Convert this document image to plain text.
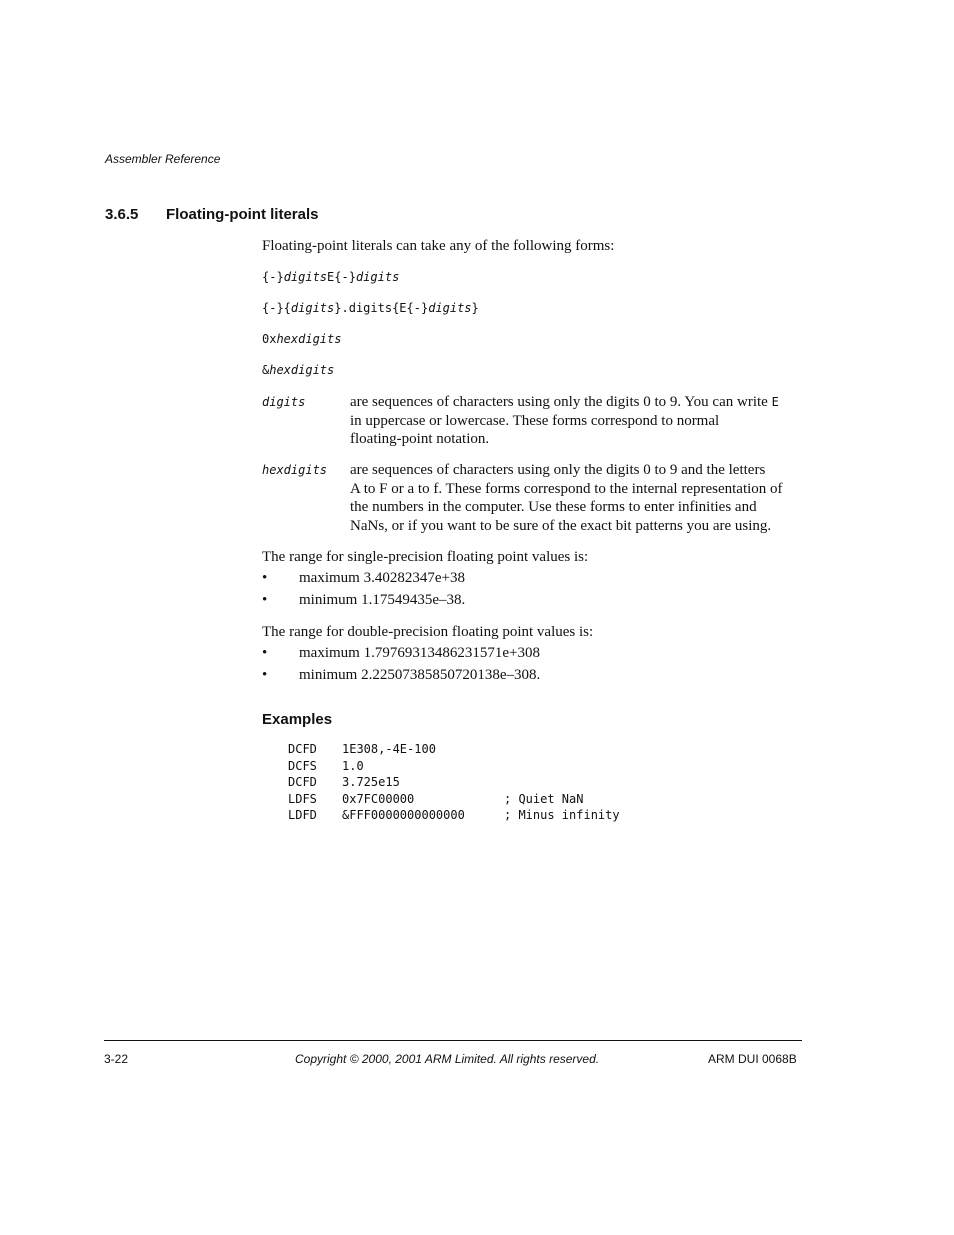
Assembler Reference
3.6.5 Floating-point literals
Floating-point literals can take any of the following forms:
{-}digitsE{-}digits
{-}{digits}.digits{E{-}digits}
0xhexdigits
&hexdigits
digits	are sequences of characters using only the digits 0 to 9. You can write E
in uppercase or lowercase. These forms correspond to normal
floating-point notation.
hexdigits are sequences of characters using only the digits 0 to 9 and the letters
A to F or a to f. These forms correspond to the internal representation of
the numbers in the computer. Use these forms to enter infinities and
NaNs, or if you want to be sure of the exact bit patterns you are using.
The range for single-precision floating point values is:
• maximum 3.40282347e+38
• minimum 1.17549435e–38.
The range for double-precision floating point values is:
• maximum 1.79769313486231571e+308
• minimum 2.22507385850720138e–308.
Examples
DCFD 1E308,-4E-100
DCFS 1.0
DCFD 3.725e15
LDFS 0x7FC00000	; Quiet NaN
LDFD &FFF0000000000000	; Minus infinity
3-22	Copyright © 2000, 2001 ARM Limited. All rights reserved.	ARM DUI 0068B
